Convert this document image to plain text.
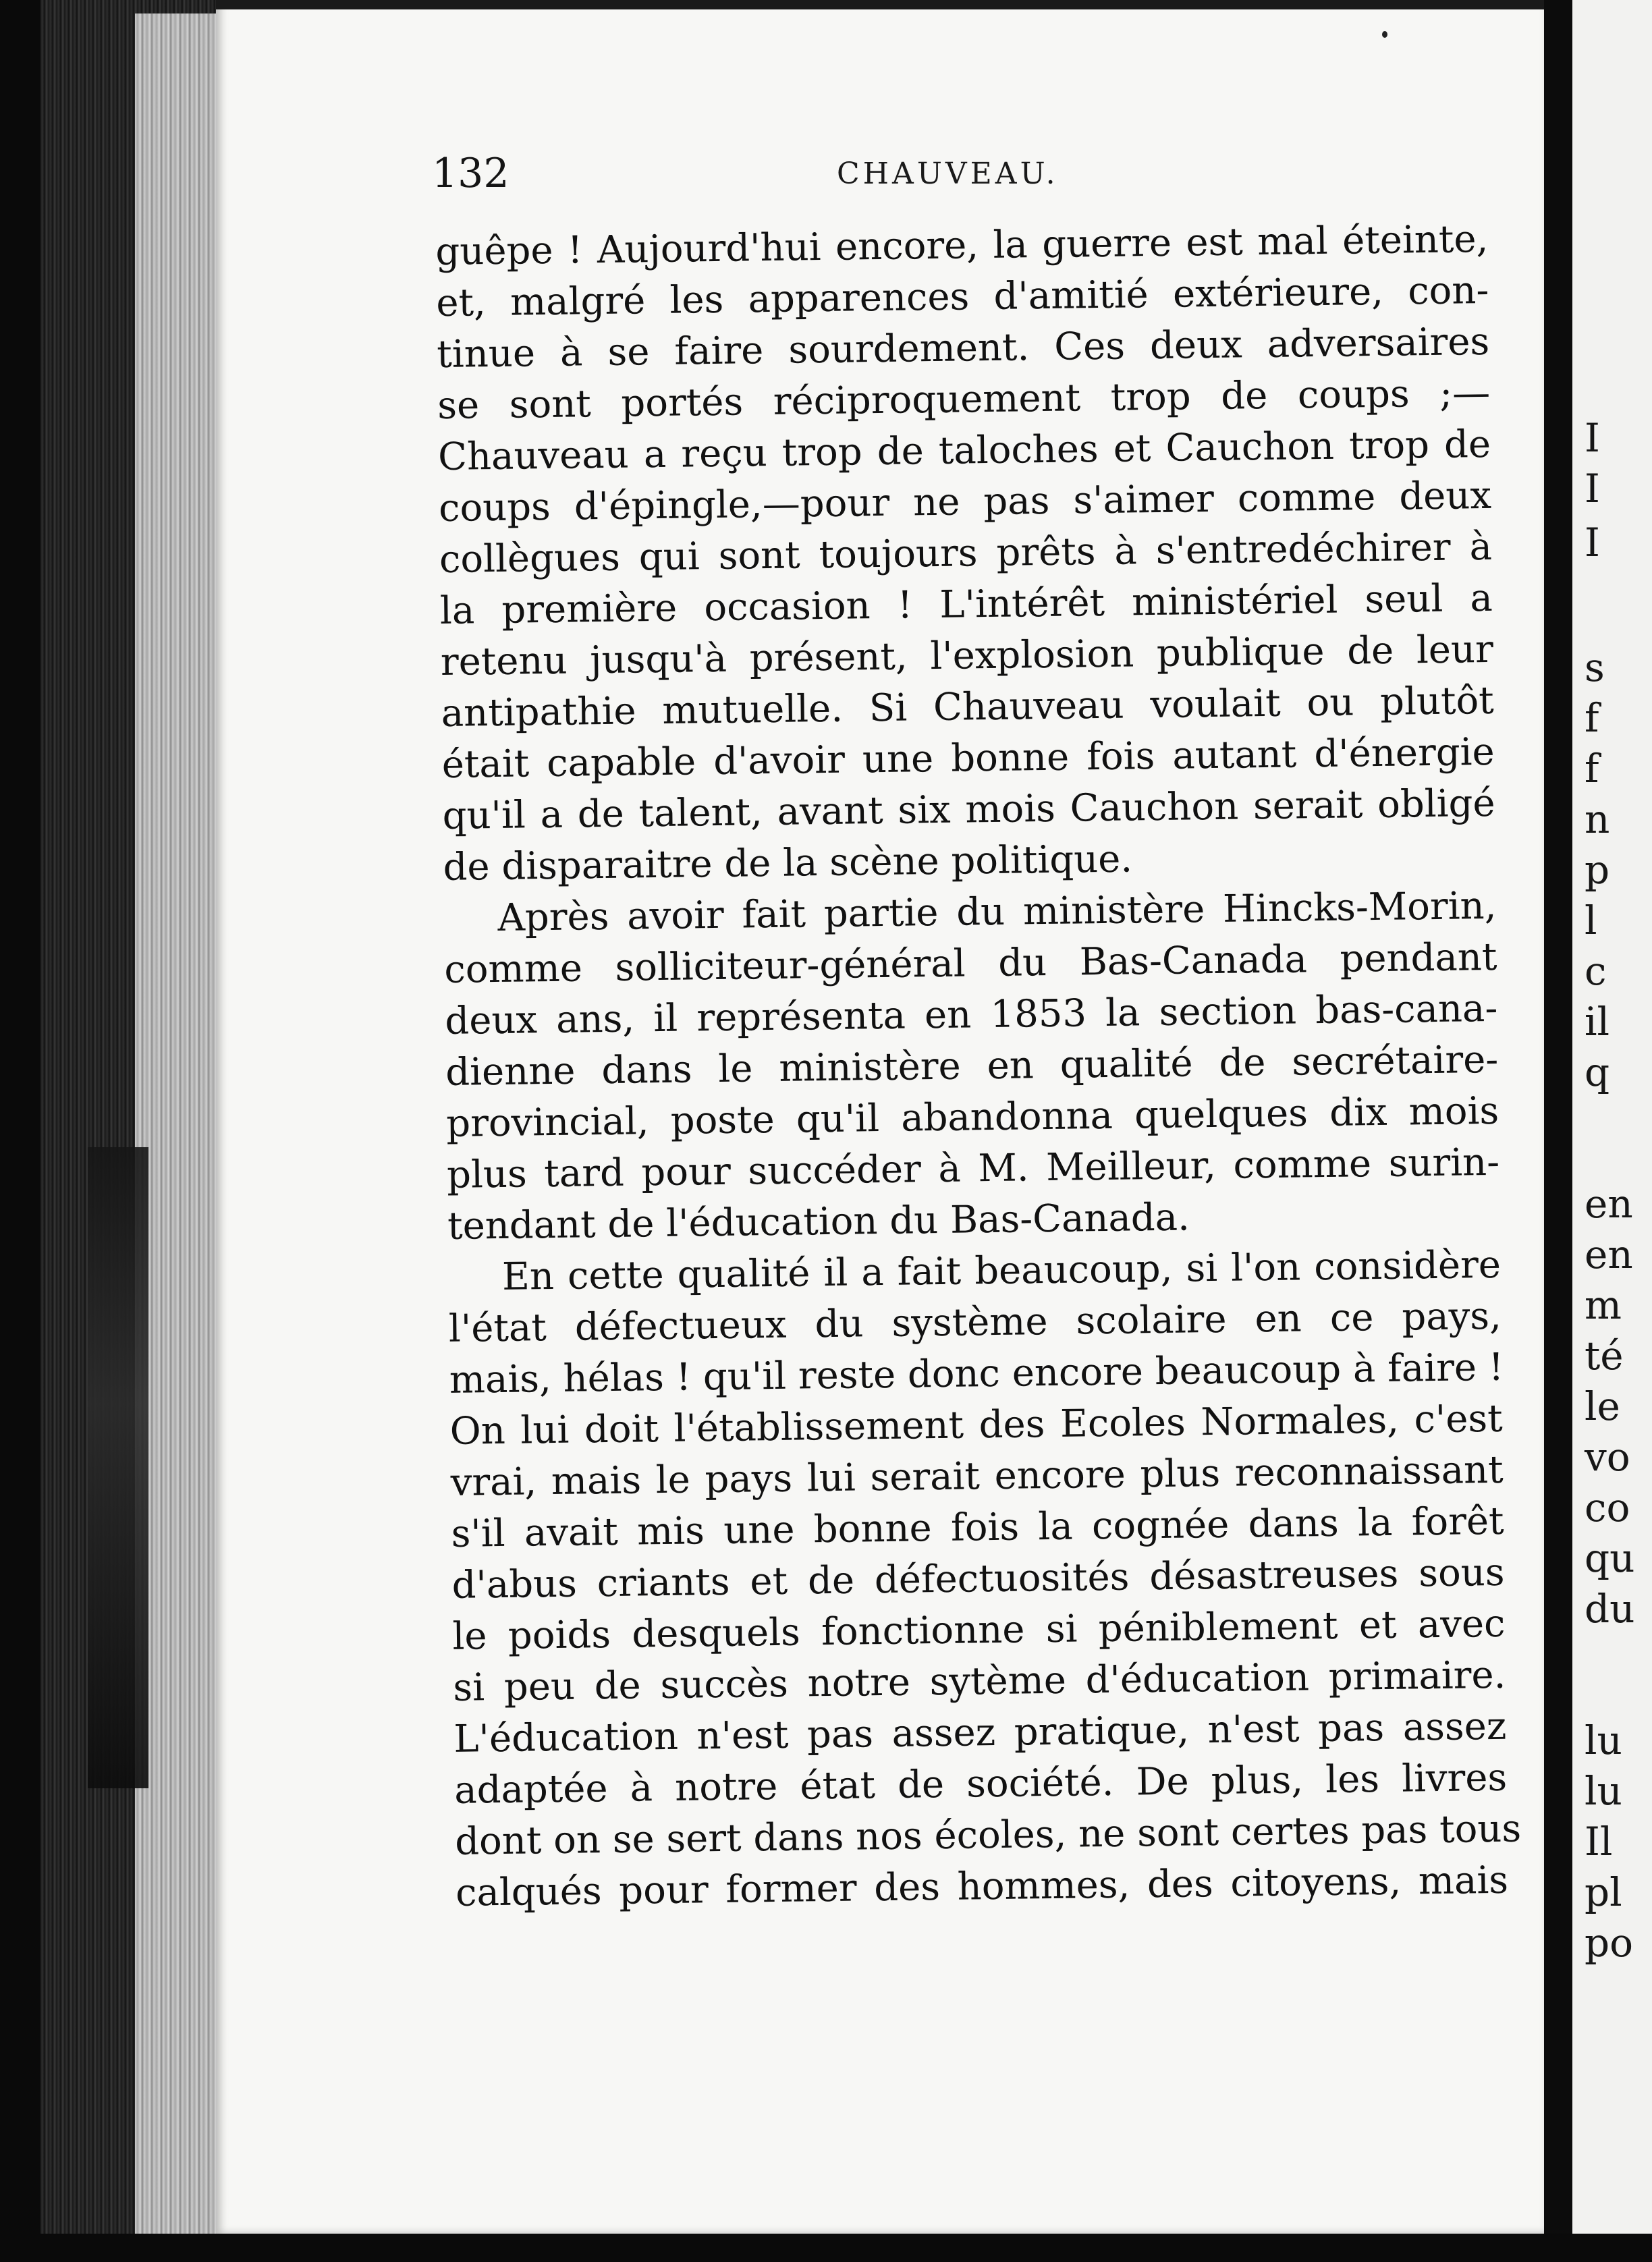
132	CHAUVEAU.
guêpe ! Aujourd'hui encore, la guerre est mal éteinte,
et, malgré les apparences d'amitié extérieure, con-
tinue à se faire sourdement. Ces deux adversaires
se sont portés réciproquement trop de coups ;—
Chauveau a reçu trop de taloches et Cauchon trop de
coups d'épingle,—pour ne pas s'aimer comme deux
collègues qui sont toujours prêts à s'entredéchirer à
la première occasion ! L'intérêt ministériel seul a
retenu jusqu'à présent, l'explosion publique de leur
antipathie mutuelle. Si Chauveau voulait ou plutôt
était capable d'avoir une bonne fois autant d'énergie
qu'il a de talent, avant six mois Cauchon serait obligé
de disparaitre de la scène politique.
Après avoir fait partie du ministère Hincks-Morin,
comme solliciteur-général du Bas-Canada pendant
deux ans, il représenta en 1853 la section bas-cana-
dienne dans le ministère en qualité de secrétaire-
provincial, poste qu'il abandonna quelques dix mois
plus tard pour succéder à M. Meilleur, comme surin-
tendant de l'éducation du Bas-Canada.
En cette qualité il a fait beaucoup, si l'on considère
l'état défectueux du système scolaire en ce pays,
mais, hélas ! qu'il reste donc encore beaucoup à faire !
On lui doit l'établissement des Ecoles Normales, c'est
vrai, mais le pays lui serait encore plus reconnaissant
s'il avait mis une bonne fois la cognée dans la forêt
d'abus criants et de défectuosités désastreuses sous
le poids desquels fonctionne si péniblement et avec
si peu de succès notre sytème d'éducation primaire.
L'éducation n'est pas assez pratique, n'est pas assez
adaptée à notre état de société. De plus, les livres
dont on se sert dans nos écoles, ne sont certes pas tous
calqués pour former des hommes, des citoyens, mais
I
I
I
s
f
f
n
p
l
c
il
q
en
en
m
té
le
vo
co
qu
du
lu
lu
Il
pl
po
